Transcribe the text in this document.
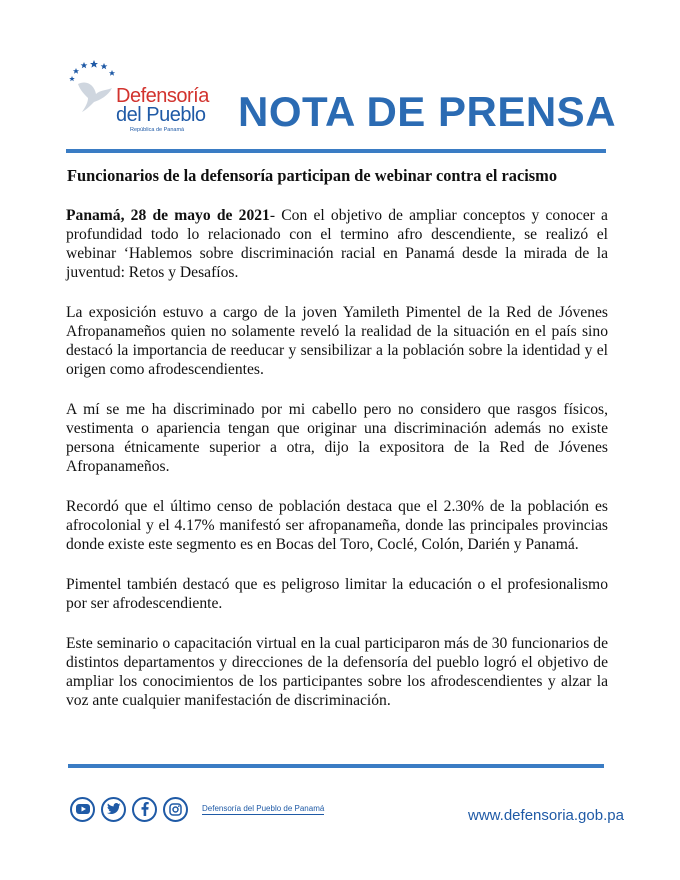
Defensoría
del Pueblo
República de Panamá NOTA DE PRENSA
Funcionarios de la defensoría participan de webinar contra el racismo

Panamá, 28 de mayo de 2021- Con el objetivo de ampliar conceptos y conocer a profundidad todo lo relacionado con el termino afro descendiente, se realizó el webinar ‘Hablemos sobre discriminación racial en Panamá desde la mirada de la juventud: Retos y Desafíos.

La exposición estuvo a cargo de la joven Yamileth Pimentel de la Red de Jóvenes Afropanameños quien no solamente reveló la realidad de la situación en el país sino destacó la importancia de reeducar y sensibilizar a la población sobre la identidad y el origen como afrodescendientes.

A mí se me ha discriminado por mi cabello pero no considero que rasgos físicos, vestimenta o apariencia tengan que originar una discriminación además no existe persona étnicamente superior a otra, dijo la expositora de la Red de Jóvenes Afropanameños.

Recordó que el último censo de población destaca que el 2.30% de la población es afrocolonial y el 4.17% manifestó ser afropanameña, donde las principales provincias donde existe este segmento es en Bocas del Toro, Coclé, Colón, Darién y Panamá.

Pimentel también destacó que es peligroso limitar la educación o el profesionalismo por ser afrodescendiente.

Este seminario o capacitación virtual en la cual participaron más de 30 funcionarios de distintos departamentos y direcciones de la defensoría del pueblo logró el objetivo de ampliar los conocimientos de los participantes sobre los afrodescendientes y alzar la voz ante cualquier manifestación de discriminación.

Defensoría del Pueblo de Panamá	www.defensoria.gob.pa
